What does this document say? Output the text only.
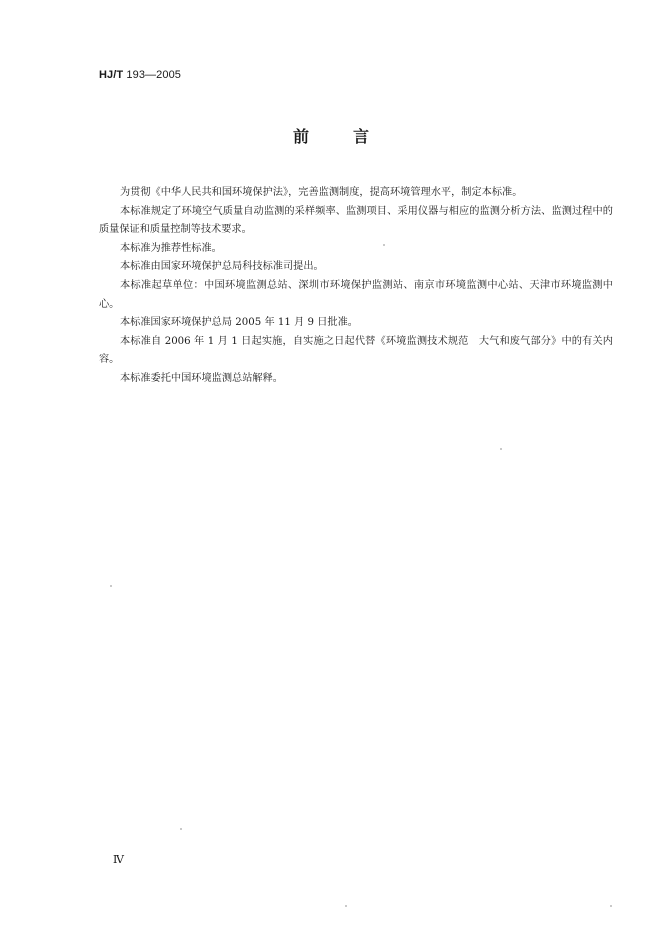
HJ/T 193—2005
前言

为贯彻《中华人民共和国环境保护法》，完善监测制度，提高环境管理水平，制定本标准。

本标准规定了环境空气质量自动监测的采样频率、监测项目、采用仪器与相应的监测分析方法、监测过程中的质量保证和质量控制等技术要求。

本标准为推荐性标准。

本标准由国家环境保护总局科技标准司提出。

本标准起草单位：中国环境监测总站、深圳市环境保护监测站、南京市环境监测中心站、天津市环境监测中心。

本标准国家环境保护总局 2005 年 11 月 9 日批准。

本标准自 2006 年 1 月 1 日起实施，自实施之日起代替《环境监测技术规范　大气和废气部分》中的有关内容。

本标准委托中国环境监测总站解释。

Ⅳ
